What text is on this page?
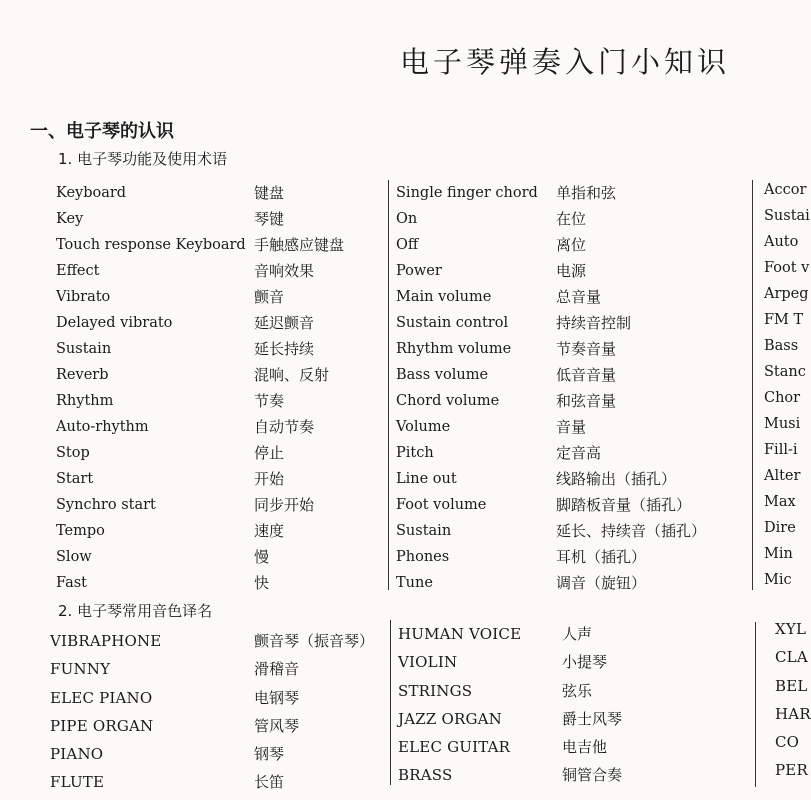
电子琴弹奏入门小知识
一、电子琴的认识
1. 电子琴功能及使用术语
2. 电子琴常用音色译名
Keyboard
Key
Touch response Keyboard
Effect
Vibrato
Delayed vibrato
Sustain
Reverb
Rhythm
Auto-rhythm
Stop
Start
Synchro start
Tempo
Slow
Fast
键盘
琴键
手触感应键盘
音响效果
颤音
延迟颤音
延长持续
混响、反射
节奏
自动节奏
停止
开始
同步开始
速度
慢
快
Single finger chord
On
Off
Power
Main volume
Sustain control
Rhythm volume
Bass volume
Chord volume
Volume
Pitch
Line out
Foot volume
Sustain
Phones
Tune
单指和弦
在位
离位
电源
总音量
持续音控制
节奏音量
低音音量
和弦音量
音量
定音高
线路输出（插孔）
脚踏板音量（插孔）
延长、持续音（插孔）
耳机（插孔）
调音（旋钮）
Accor
Sustai
Auto
Foot v
Arpeg
FM T
Bass
Stanc
Chor
Musi
Fill-i
Alter
Max
Dire
Min
Mic
VIBRAPHONE
FUNNY
ELEC PIANO
PIPE ORGAN
PIANO
FLUTE
颤音琴（振音琴）
滑稽音
电钢琴
管风琴
钢琴
长笛
HUMAN VOICE
VIOLIN
STRINGS
JAZZ ORGAN
ELEC GUITAR
BRASS
人声
小提琴
弦乐
爵士风琴
电吉他
铜管合奏
XYL
CLA
BEL
HAR
CO
PER
